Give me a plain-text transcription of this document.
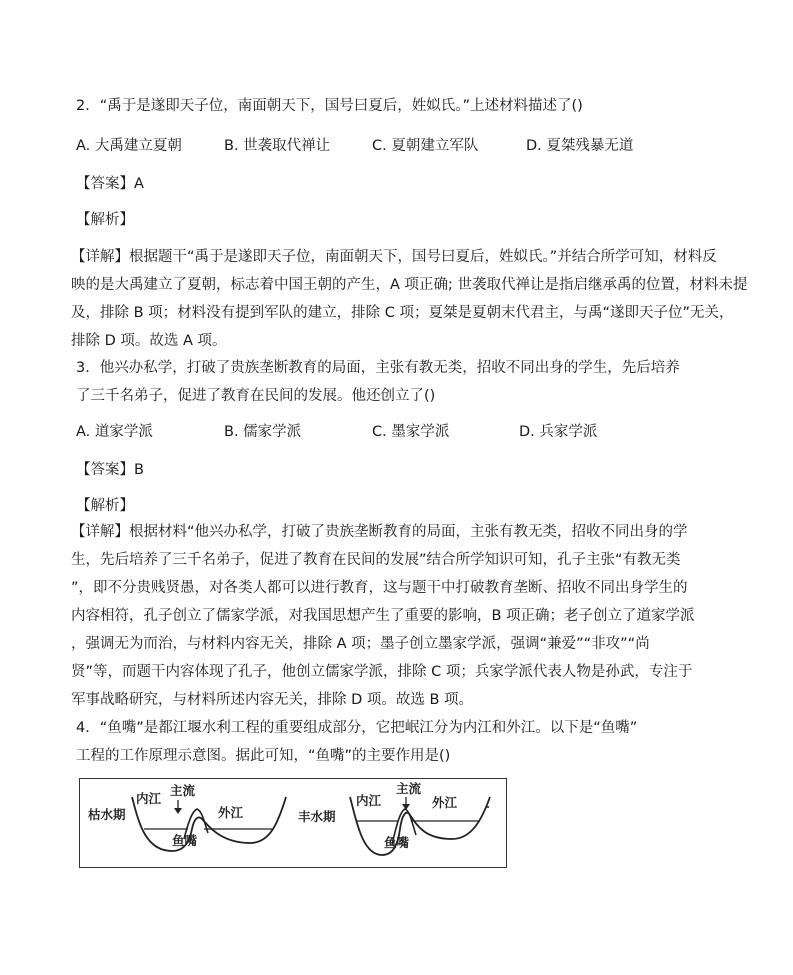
2．“禹于是遂即天子位，南面朝天下，国号曰夏后，姓姒氏。”上述材料描述了()
A. 大禹建立夏朝	B. 世袭取代禅让	C. 夏朝建立军队	D. 夏桀残暴无道
【答案】A
【解析】
【详解】根据题干“禹于是遂即天子位，南面朝天下，国号曰夏后，姓姒氏。”并结合所学可知，材料反
映的是大禹建立了夏朝，标志着中国王朝的产生，A 项正确; 世袭取代禅让是指启继承禹的位置，材料未提
及，排除 B 项；材料没有提到军队的建立，排除 C 项；夏桀是夏朝末代君主，与禹“遂即天子位”无关，
排除 D 项。故选 A 项。
3．他兴办私学，打破了贵族垄断教育的局面，主张有教无类，招收不同出身的学生，先后培养
了三千名弟子，促进了教育在民间的发展。他还创立了()
A. 道家学派	B. 儒家学派	C. 墨家学派	D. 兵家学派
【答案】B
【解析】
【详解】根据材料“他兴办私学，打破了贵族垄断教育的局面，主张有教无类，招收不同出身的学
生，先后培养了三千名弟子，促进了教育在民间的发展”结合所学知识可知，孔子主张“有教无类
”，即不分贵贱贤愚，对各类人都可以进行教育，这与题干中打破教育垄断、招收不同出身学生的
内容相符，孔子创立了儒家学派，对我国思想产生了重要的影响，B 项正确；老子创立了道家学派
，强调无为而治，与材料内容无关，排除 A 项；墨子创立墨家学派，强调“兼爱”“非攻”“尚
贤”等，而题干内容体现了孔子，他创立儒家学派，排除 C 项；兵家学派代表人物是孙武，专注于
军事战略研究，与材料所述内容无关，排除 D 项。故选 B 项。
4．“鱼嘴”是都江堰水利工程的重要组成部分，它把岷江分为内江和外江。以下是“鱼嘴”
工程的工作原理示意图。据此可知，“鱼嘴”的主要作用是()
枯水期
内江
主流
外江
鱼嘴
丰水期
内江
主流
外江
鱼嘴
